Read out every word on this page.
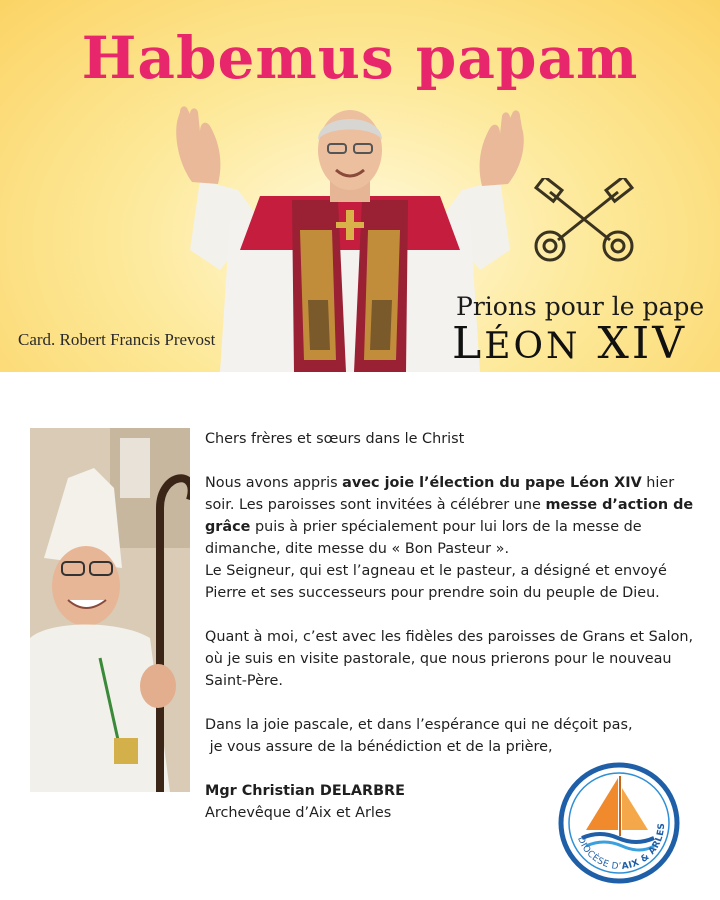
Habemus papam
Card. Robert Francis Prevost
Prions pour le pape
LÉON XIV

Chers frères et sœurs dans le Christ

Nous avons appris avec joie l’élection du pape Léon XIV hier soir. Les paroisses sont invitées à célébrer une messe d’action de grâce puis à prier spécialement pour lui lors de la messe de dimanche, dite messe du « Bon Pasteur ».

Le Seigneur, qui est l’agneau et le pasteur, a désigné et envoyé Pierre et ses successeurs pour prendre soin du peuple de Dieu.

Quant à moi, c’est avec les fidèles des paroisses de Grans et Salon, où je suis en visite pastorale, que nous prierons pour le nouveau Saint-Père.

Dans la joie pascale, et dans l’espérance qui ne déçoit pas,
je vous assure de la bénédiction et de la prière,

Mgr Christian DELARBRE
Archevêque d’Aix et Arles

DIOCÈSE D’AIX & ARLES
